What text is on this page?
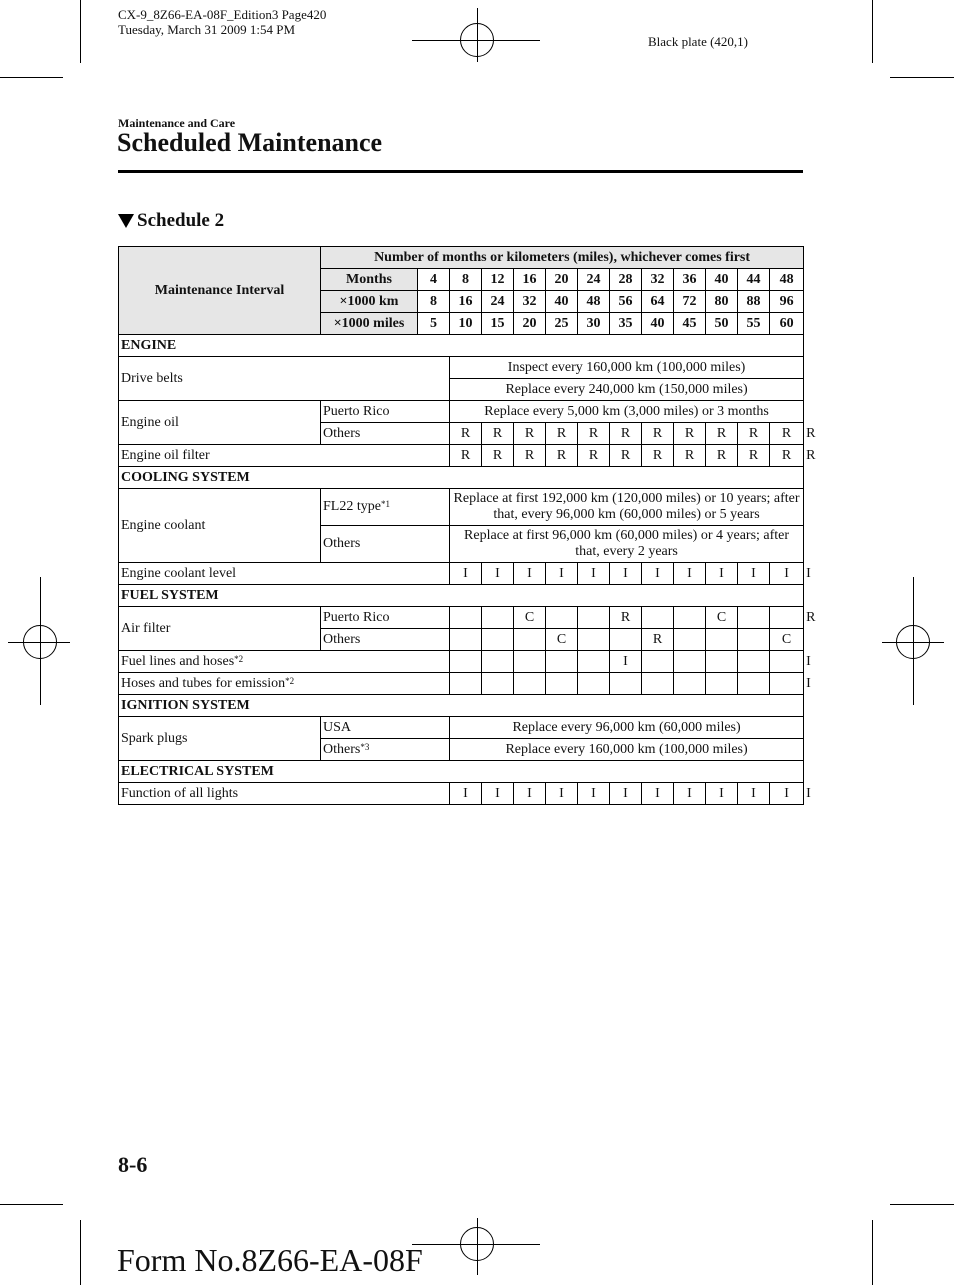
CX-9_8Z66-EA-08F_Edition3 Page420
Tuesday, March 31 2009 1:54 PM
Black plate (420,1)
Maintenance and Care
Scheduled Maintenance
Schedule 2
Maintenance Interval	Number of months or kilometers (miles), whichever comes first													
	Months	4	8	12	16	20	24	28	32	36	40	44	48	
	×1000 km	8	16	24	32	40	48	56	64	72	80	88	96	
	×1000 miles	5	10	15	20	25	30	35	40	45	50	55	60	
ENGINE														
Drive belts			Inspect every 160,000 km (100,000 miles)											
			Replace every 240,000 km (150,000 miles)											
Engine oil	Puerto Rico		Replace every 5,000 km (3,000 miles) or 3 months											
	Others		R	R	R	R	R	R	R	R	R	R	R	R
Engine oil filter			R	R	R	R	R	R	R	R	R	R	R	R
COOLING SYSTEM														
Engine coolant	FL22 type$^{*1}$		Replace at first 192,000 km (120,000 miles) or 10 years; after that, every 96,000 km (60,000 miles) or 5 years											
	Others		Replace at first 96,000 km (60,000 miles) or 4 years; after that, every 2 years											
Engine coolant level			I	I	I	I	I	I	I	I	I	I	I	I
FUEL SYSTEM														
Air filter	Puerto Rico				C			R			C			R
	Others					C			R				C	
Fuel lines and hoses$^{*2}$								I						I
Hoses and tubes for emission$^{*2}$														I
IGNITION SYSTEM														
Spark plugs	USA		Replace every 96,000 km (60,000 miles)											
	Others$^{*3}$		Replace every 160,000 km (100,000 miles)											
ELECTRICAL SYSTEM														
Function of all lights			I	I	I	I	I	I	I	I	I	I	I	I
8-6
Form No.8Z66-EA-08F
